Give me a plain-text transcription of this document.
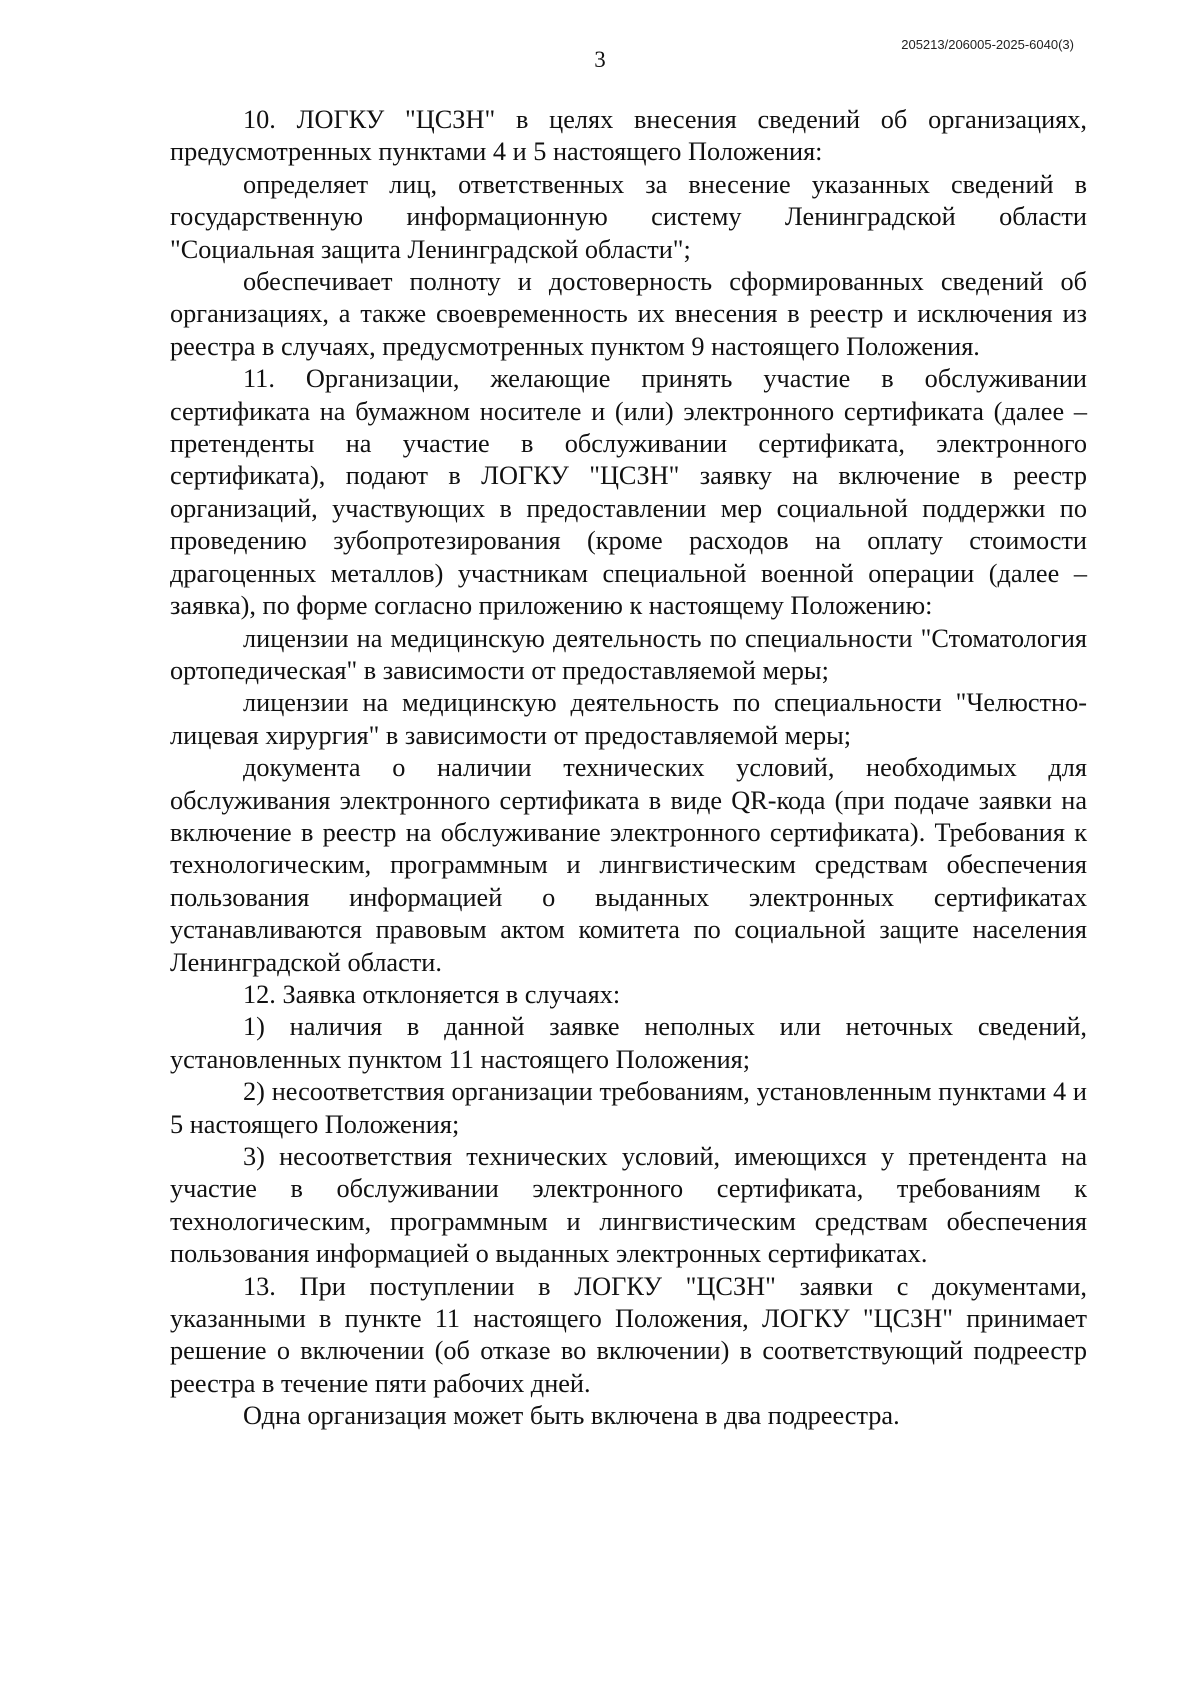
205213/206005-2025-6040(3)
3

10. ЛОГКУ "ЦСЗН" в целях внесения сведений об организациях, предусмотренных пунктами 4 и 5 настоящего Положения:

определяет лиц, ответственных за внесение указанных сведений в государственную информационную систему Ленинградской области "Социальная защита Ленинградской области";

обеспечивает полноту и достоверность сформированных сведений об организациях, а также своевременность их внесения в реестр и исключения из реестра в случаях, предусмотренных пунктом 9 настоящего Положения.

11. Организации, желающие принять участие в обслуживании сертификата на бумажном носителе и (или) электронного сертификата (далее – претенденты на участие в обслуживании сертификата, электронного сертификата), подают в ЛОГКУ "ЦСЗН" заявку на включение в реестр организаций, участвующих в предоставлении мер социальной поддержки по проведению зубопротезирования (кроме расходов на оплату стоимости драгоценных металлов) участникам специальной военной операции (далее – заявка), по форме согласно приложению к настоящему Положению:

лицензии на медицинскую деятельность по специальности "Стоматология ортопедическая" в зависимости от предоставляемой меры;

лицензии на медицинскую деятельность по специальности "Челюстно-лицевая хирургия" в зависимости от предоставляемой меры;

документа о наличии технических условий, необходимых для обслуживания электронного сертификата в виде QR-кода (при подаче заявки на включение в реестр на обслуживание электронного сертификата). Требования к технологическим, программным и лингвистическим средствам обеспечения пользования информацией о выданных электронных сертификатах устанавливаются правовым актом комитета по социальной защите населения Ленинградской области.

12. Заявка отклоняется в случаях:

1) наличия в данной заявке неполных или неточных сведений, установленных пунктом 11 настоящего Положения;

2) несоответствия организации требованиям, установленным пунктами 4 и 5 настоящего Положения;

3) несоответствия технических условий, имеющихся у претендента на участие в обслуживании электронного сертификата, требованиям к технологическим, программным и лингвистическим средствам обеспечения пользования информацией о выданных электронных сертификатах.

13. При поступлении в ЛОГКУ "ЦСЗН" заявки с документами, указанными в пункте 11 настоящего Положения, ЛОГКУ "ЦСЗН" принимает решение о включении (об отказе во включении) в соответствующий подреестр реестра в течение пяти рабочих дней.

Одна организация может быть включена в два подреестра.
